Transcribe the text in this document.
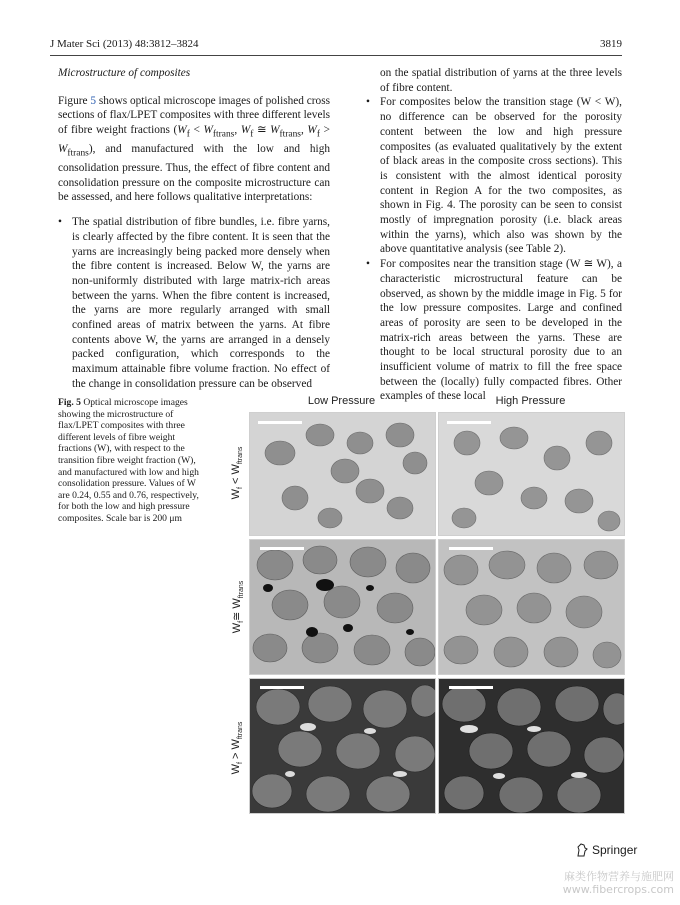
J Mater Sci (2013) 48:3812–3824	3819

Microstructure of composites

Figure 5 shows optical microscope images of polished cross sections of flax/LPET composites with three different levels of fibre weight fractions ($W_f < W_{ftrans}$, $W_f$ ≅ $W_{ftrans}$, $W_f > W_{ftrans}$), and manufactured with the low and high consolidation pressure. Thus, the effect of fibre content and consolidation pressure on the composite microstructure can be assessed, and here follows qualitative interpretations:

• The spatial distribution of fibre bundles, i.e. fibre yarns, is clearly affected by the fibre content. It is seen that the yarns are increasingly being packed more densely when the fibre content is increased. Below W, the yarns are non-uniformly distributed with large matrix-rich areas between the yarns. When the fibre content is increased, the yarns are more regularly arranged with small confined areas of matrix between the yarns. At fibre contents above W, the yarns are arranged in a densely packed configuration, which corresponds to the maximum attainable fibre volume fraction. No effect of the change in consolidation pressure can be observed

on the spatial distribution of yarns at the three levels of fibre content.

• For composites below the transition stage (W < W), no difference can be observed for the porosity content between the low and high pressure composites (as evaluated qualitatively by the extent of black areas in the composite cross sections). This is consistent with the almost identical porosity content in Region A for the two composites, as shown in Fig. 4. The porosity can be seen to consist mostly of impregnation porosity (i.e. black areas within the yarns), which also was shown by the above quantitative analysis (see Table 2).
• For composites near the transition stage (W ≅ W), a characteristic microstructural feature can be observed, as shown by the middle image in Fig. 5 for the low pressure composites. Large and confined areas of porosity are seen to be developed in the matrix-rich areas between the yarns. These are thought to be local structural porosity due to an insufficient volume of matrix to fill the free space between the (locally) fully compacted fibres. Other examples of these local
Fig. 5 Optical microscope images showing the microstructure of flax/LPET composites with three different levels of fibre weight fractions (W), with respect to the transition fibre weight fraction (W), and manufactured with low and high consolidation pressure. Values of W are 0.24, 0.55 and 0.76, respectively, for both the low and high pressure composites. Scale bar is 200 μm
Low Pressure	High Pressure
$W_f < W_{ftrans}$
$W_f≅$ $W_{ftrans}$
$W_f > W_{ftrans}$
Springer
麻类作物营养与施肥网
www.fibercrops.com
